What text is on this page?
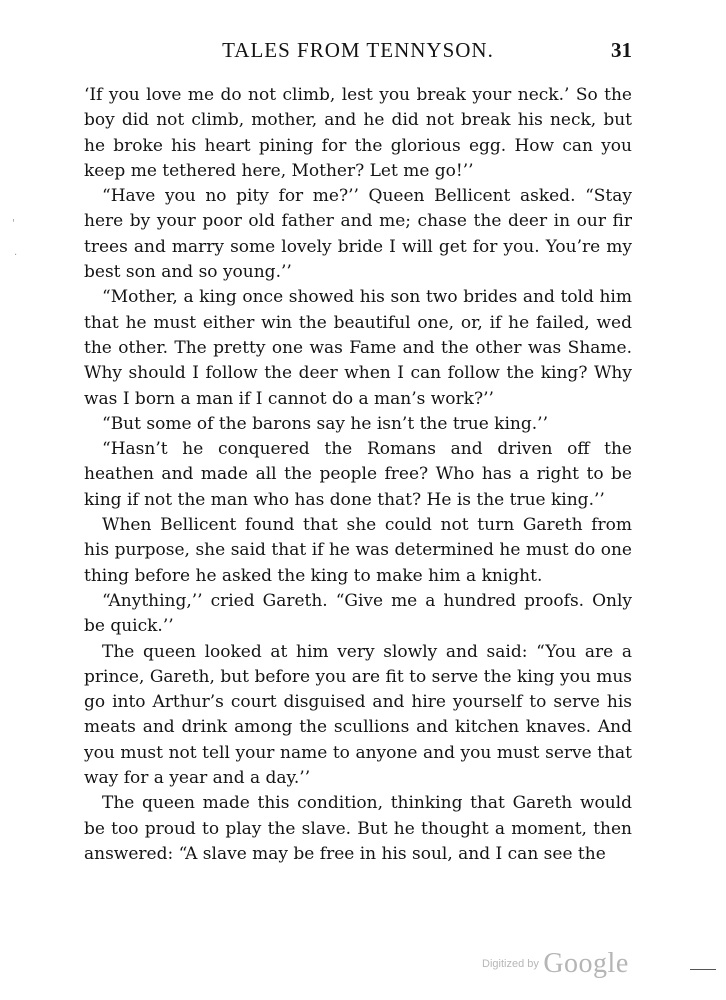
TALES FROM TENNYSON.	31

‘If you love me do not climb, lest you break your neck.’ So the boy did not climb, mother, and he did not break his neck, but he broke his heart pining for the glorious egg. How can you keep me tethered here, Mother? Let me go!’’

“Have you no pity for me?’’ Queen Bellicent asked. “Stay here by your poor old father and me; chase the deer in our fir trees and marry some lovely bride I will get for you. You’re my best son and so young.’’

“Mother, a king once showed his son two brides and told him that he must either win the beautiful one, or, if he failed, wed the other. The pretty one was Fame and the other was Shame. Why should I follow the deer when I can follow the king? Why was I born a man if I cannot do a man’s work?’’

“But some of the barons say he isn’t the true king.’’

“Hasn’t he conquered the Romans and driven off the heathen and made all the people free? Who has a right to be king if not the man who has done that? He is the true king.’’

When Bellicent found that she could not turn Gareth from his purpose, she said that if he was determined he must do one thing before he asked the king to make him a knight.

“Anything,’’ cried Gareth. “Give me a hundred proofs. Only be quick.’’

The queen looked at him very slowly and said: “You are a prince, Gareth, but before you are fit to serve the king you mus go into Arthur’s court disguised and hire yourself to serve his meats and drink among the scullions and kitchen knaves. And you must not tell your name to anyone and you must serve that way for a year and a day.’’

The queen made this condition, thinking that Gareth would be too proud to play the slave. But he thought a moment, then answered: “A slave may be free in his soul, and I can see the

'
·
Digitized by Google
